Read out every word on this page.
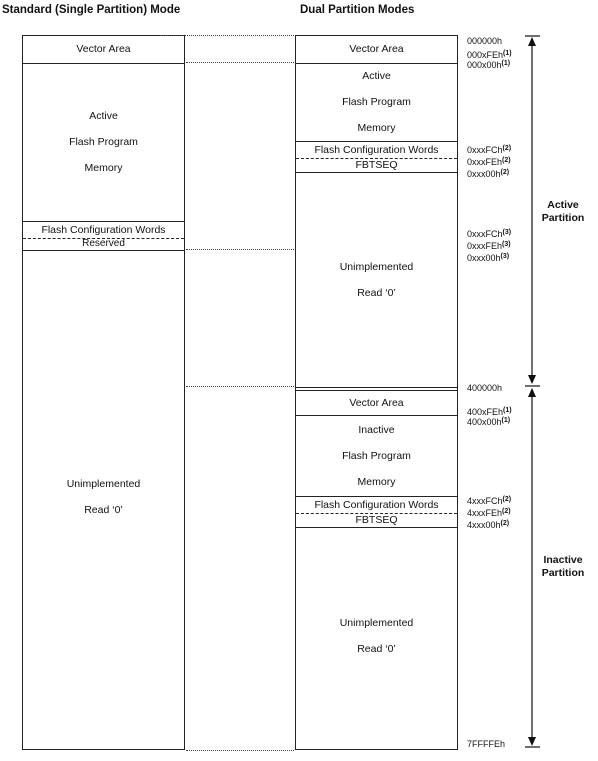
Standard (Single Partition) Mode	Dual Partition Modes
Vector Area

Active

Flash Program

Memory

Flash Configuration Words
Reserved

Unimplemented

Read ‘0’

Vector Area

Active

Flash Program

Memory

Flash Configuration Words
FBTSEQ

Unimplemented

Read ‘0’

Vector Area

Inactive

Flash Program

Memory

Flash Configuration Words
FBTSEQ

Unimplemented

Read ‘0’

000000h
000xFEh$^{(1)}$
$000x00h^{(1)}$
0xxxFCh$^{(2)}$
0xxxFEh$^{(2)}$
$0xxx00h^{(2)}$
0xxxFCh$^{(3)}$
0xxxFEh$^{(3)}$
$0xxx00h^{(3)}$
400000h
400xFEh$^{(1)}$
$400x00h^{(1)}$
4xxxFCh$^{(2)}$
4xxxFEh$^{(2)}$
$4xxx00h^{(2)}$
7FFFFEh
Active
Partition
Inactive
Partition
